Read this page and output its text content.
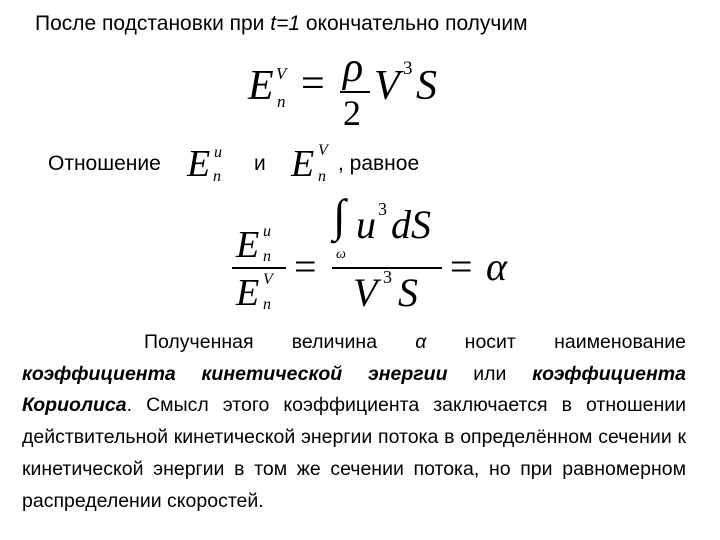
После подстановки при t=1 окончательно получим
E V
n = ρ
2
V 3 S
Отношение E u
n
и E V
n
, равное
E u
n
E V
n
=
∫
ω
u 3 dS
V 3 S
= α
Полученная величина α носит наименование коэффициента кинетической энергии или коэффициента Кориолиса. Смысл этого коэффициента заключается в отношении действительной кинетической энергии потока в определённом сечении к кинетической энергии в том же сечении потока, но при равномерном распределении скоростей.
